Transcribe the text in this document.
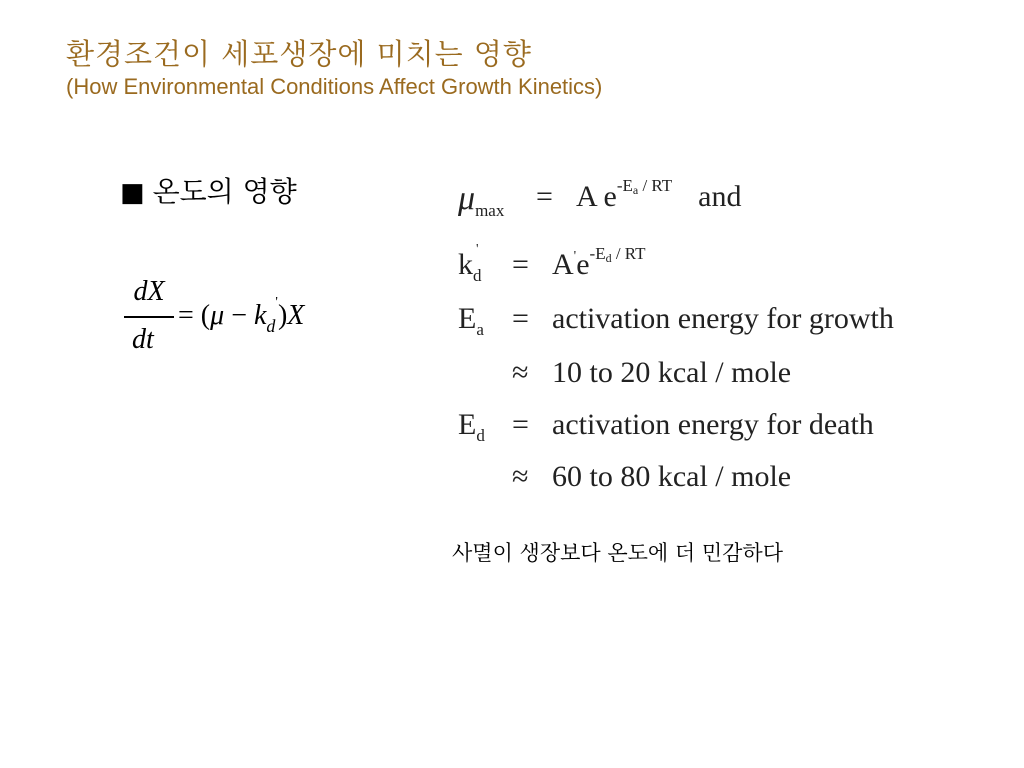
환경조건이 세포생장에 미치는 영향
(How Environmental Conditions Affect Growth Kinetics)
■ 온도의 영향
dX
dt
= $(\mu - k_d')X$
$\mu_{max} = A$ $e^{-Ea / RT}$ and
$k_d$
' = $A'e^{-Ed / RT}$
$E_a$ = activation energy for growth
≈ 10 to 20 kcal / mole
$E_d$ = activation energy for death
≈ 60 to 80 kcal / mole
사멸이 생장보다 온도에 더 민감하다
